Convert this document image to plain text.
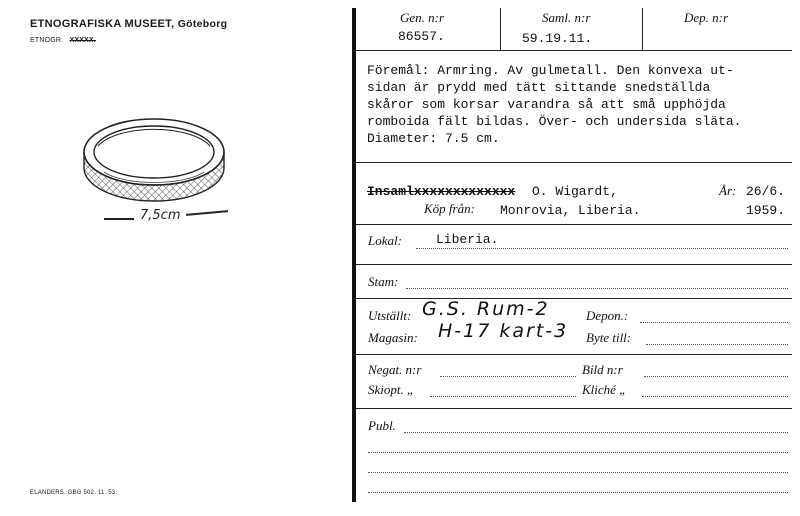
ETNOGRAFISKA MUSEET, Göteborg
ETNOGR. XXXXX.
7,5cm
ELANDERS. GBG 502. 11. 53.
Gen. n:r	Saml. n:r	Dep. n:r
86557.	59.19.11.
Föremål: Armring. Av gulmetall. Den konvexa ut-
sidan är prydd med tätt sittande snedställda
skåror som korsar varandra så att små upphöjda
romboida fält bildas. Över- och undersida släta.
Diameter: 7.5 cm.
Insamlxxxxxxxxxxxxx O. Wigardt,	År: 26/6.
Köp från: Monrovia, Liberia.	1959.
Lokal:	Liberia.
Stam:
Utställt: G.S. Rum-2	Depon.:
Magasin: H-17 kart-3 Byte till:
Negat. n:r	Bild n:r
Skiopt. „	Kliché „
Publ.
